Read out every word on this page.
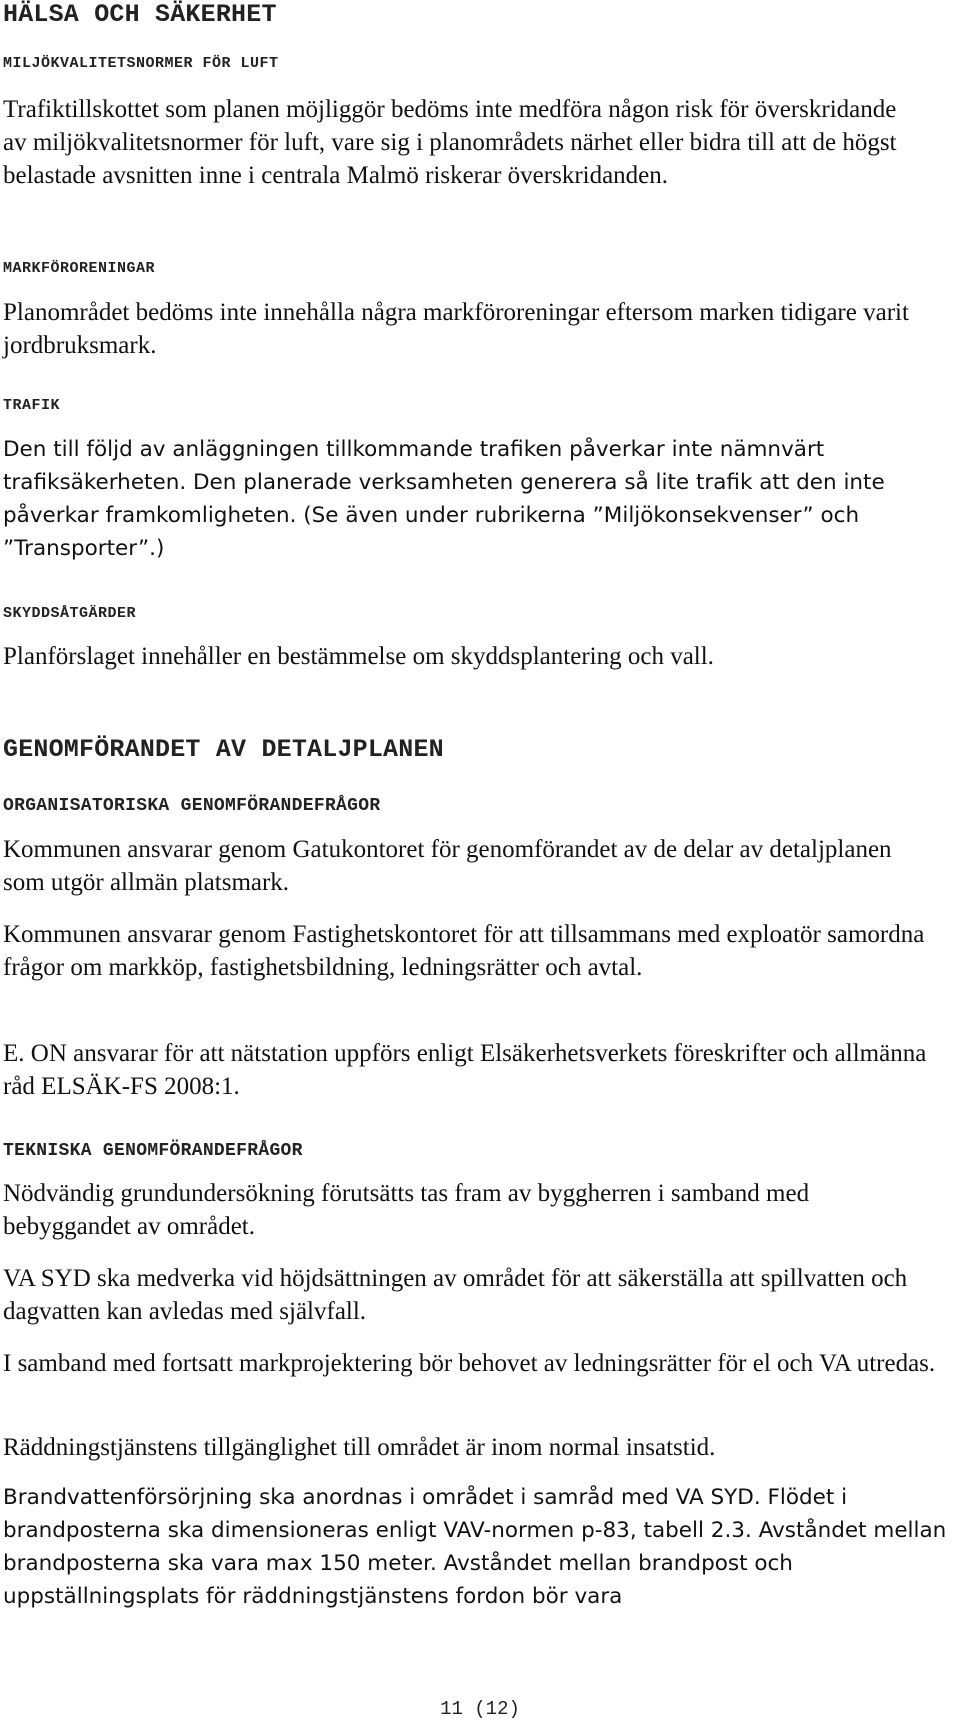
HÄLSA OCH SÄKERHET
MILJÖKVALITETSNORMER FÖR LUFT

Trafiktillskottet som planen möjliggör bedöms inte medföra någon risk för överskridande av miljökvalitetsnormer för luft, vare sig i planområdets närhet eller bidra till att de högst belastade avsnitten inne i centrala Malmö riskerar överskridanden.

MARKFÖRORENINGAR

Planområdet bedöms inte innehålla några markföroreningar eftersom marken tidigare varit jordbruksmark.

TRAFIK

Den till följd av anläggningen tillkommande trafiken påverkar inte nämnvärt trafiksäkerheten. Den planerade verksamheten generera så lite trafik att den inte påverkar framkomligheten. (Se även under rubrikerna ”Miljökonsekvenser” och ”Transporter”.)

SKYDDSÅTGÄRDER

Planförslaget innehåller en bestämmelse om skyddsplantering och vall.

GENOMFÖRANDET AV DETALJPLANEN
ORGANISATORISKA GENOMFÖRANDEFRÅGOR

Kommunen ansvarar genom Gatukontoret för genomförandet av de delar av detaljplanen som utgör allmän platsmark.

Kommunen ansvarar genom Fastighetskontoret för att tillsammans med exploatör samordna frågor om markköp, fastighetsbildning, ledningsrätter och avtal.

E. ON ansvarar för att nätstation uppförs enligt Elsäkerhetsverkets föreskrifter och allmänna råd ELSÄK-FS 2008:1.

TEKNISKA GENOMFÖRANDEFRÅGOR

Nödvändig grundundersökning förutsätts tas fram av byggherren i samband med bebyggandet av området.

VA SYD ska medverka vid höjdsättningen av området för att säkerställa att spillvatten och dagvatten kan avledas med självfall.

I samband med fortsatt markprojektering bör behovet av ledningsrätter för el och VA utredas.

Räddningstjänstens tillgänglighet till området är inom normal insatstid.

Brandvattenförsörjning ska anordnas i området i samråd med VA SYD. Flödet i brandposterna ska dimensioneras enligt VAV-normen p-83, tabell 2.3. Avståndet mellan brandposterna ska vara max 150 meter. Avståndet mellan brandpost och uppställningsplats för räddningstjänstens fordon bör vara

11 (12)
